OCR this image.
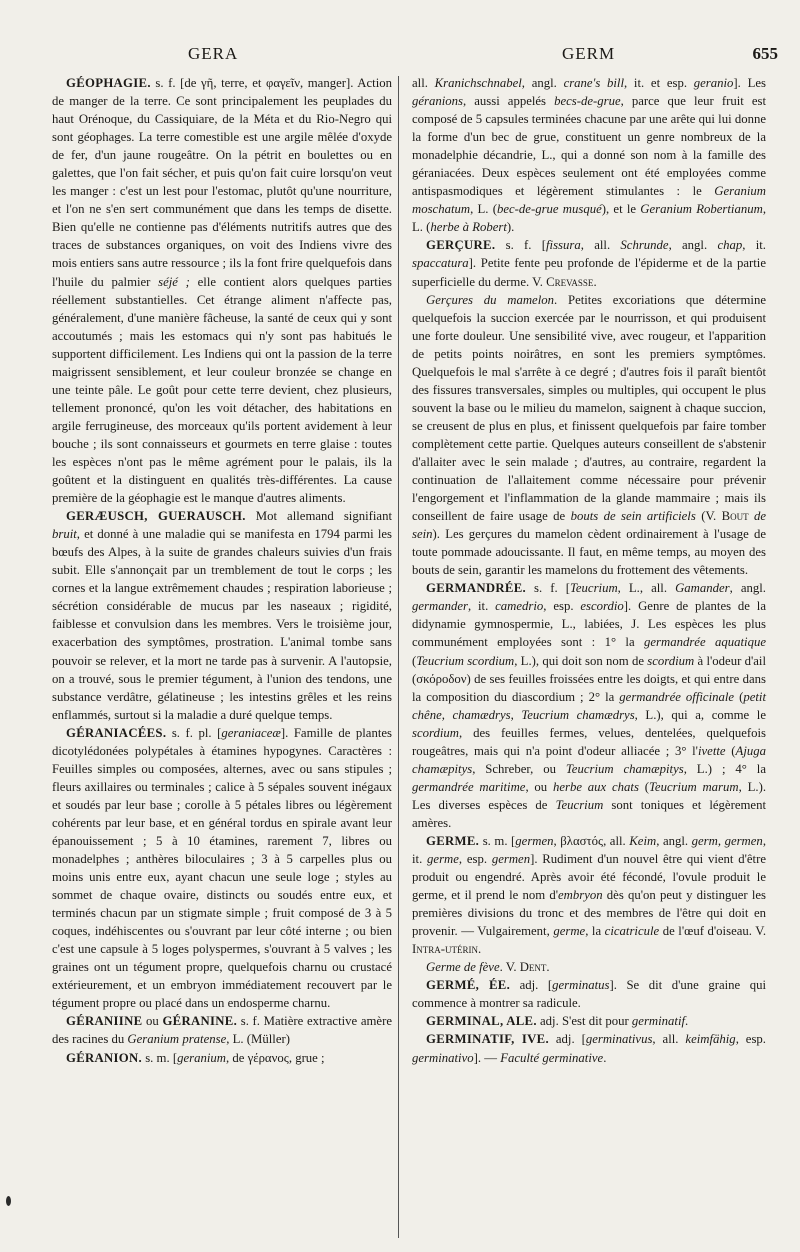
GERA	GERM	655

GÉOPHAGIE. s. f. [de γῆ, terre, et φαγεῖν, manger]. Action de manger de la terre. Ce sont principalement les peuplades du haut Orénoque, du Cassiquiare, de la Méta et du Rio-Negro qui sont géophages. La terre comestible est une argile mêlée d'oxyde de fer, d'un jaune rougeâtre. On la pétrit en boulettes ou en galettes, que l'on fait sécher, et puis qu'on fait cuire lorsqu'on veut les manger : c'est un lest pour l'estomac, plutôt qu'une nourriture, et l'on ne s'en sert communément que dans les temps de disette. Bien qu'elle ne contienne pas d'éléments nutritifs autres que des traces de substances organiques, on voit des Indiens vivre des mois entiers sans autre ressource ; ils la font frire quelquefois dans l'huile du palmier séjé ; elle contient alors quelques parties réellement substantielles. Cet étrange aliment n'affecte pas, généralement, d'une manière fâcheuse, la santé de ceux qui y sont accoutumés ; mais les estomacs qui n'y sont pas habitués le supportent difficilement. Les Indiens qui ont la passion de la terre maigrissent sensiblement, et leur couleur bronzée se change en une teinte pâle. Le goût pour cette terre devient, chez plusieurs, tellement prononcé, qu'on les voit détacher, des habitations en argile ferrugineuse, des morceaux qu'ils portent avidement à leur bouche ; ils sont connaisseurs et gourmets en terre glaise : toutes les espèces n'ont pas le même agrément pour le palais, ils la goûtent et la distinguent en qualités très-différentes. La cause première de la géophagie est le manque d'autres aliments.

GERÆUSCH, GUERAUSCH. Mot allemand signifiant bruit, et donné à une maladie qui se manifesta en 1794 parmi les bœufs des Alpes, à la suite de grandes chaleurs suivies d'un frais subit. Elle s'annonçait par un tremblement de tout le corps ; les cornes et la langue extrêmement chaudes ; respiration laborieuse ; sécrétion considérable de mucus par les naseaux ; rigidité, faiblesse et convulsion dans les membres. Vers le troisième jour, exacerbation des symptômes, prostration. L'animal tombe sans pouvoir se relever, et la mort ne tarde pas à survenir. A l'autopsie, on a trouvé, sous le premier tégument, à l'union des tendons, une substance verdâtre, gélatineuse ; les intestins grêles et les reins enflammés, surtout si la maladie a duré quelque temps.

GÉRANIACÉES. s. f. pl. [geraniaceæ]. Famille de plantes dicotylédonées polypétales à étamines hypogynes. Caractères : Feuilles simples ou composées, alternes, avec ou sans stipules ; fleurs axillaires ou terminales ; calice à 5 sépales souvent inégaux et soudés par leur base ; corolle à 5 pétales libres ou légèrement cohérents par leur base, et en général tordus en spirale avant leur épanouissement ; 5 à 10 étamines, rarement 7, libres ou monadelphes ; anthères biloculaires ; 3 à 5 carpelles plus ou moins unis entre eux, ayant chacun une seule loge ; styles au sommet de chaque ovaire, distincts ou soudés entre eux, et terminés chacun par un stigmate simple ; fruit composé de 3 à 5 coques, indéhiscentes ou s'ouvrant par leur côté interne ; ou bien c'est une capsule à 5 loges polyspermes, s'ouvrant à 5 valves ; les graines ont un tégument propre, quelquefois charnu ou crustacé extérieurement, et un embryon immédiatement recouvert par le tégument propre ou placé dans un endosperme charnu.

GÉRANIINE ou GÉRANINE. s. f. Matière extractive amère des racines du Geranium pratense, L. (Müller)

GÉRANION. s. m. [geranium, de γέρανος, grue ;

all. Kranichschnabel, angl. crane's bill, it. et esp. geranio]. Les géranions, aussi appelés becs-de-grue, parce que leur fruit est composé de 5 capsules terminées chacune par une arête qui lui donne la forme d'un bec de grue, constituent un genre nombreux de la monadelphie décandrie, L., qui a donné son nom à la famille des géraniacées. Deux espèces seulement ont été employées comme antispasmodiques et légèrement stimulantes : le Geranium moschatum, L. (bec-de-grue musqué), et le Geranium Robertianum, L. (herbe à Robert).

GERÇURE. s. f. [fissura, all. Schrunde, angl. chap, it. spaccatura]. Petite fente peu profonde de l'épiderme et de la partie superficielle du derme. V. Crevasse.

Gerçures du mamelon. Petites excoriations que détermine quelquefois la succion exercée par le nourrisson, et qui produisent une forte douleur. Une sensibilité vive, avec rougeur, et l'apparition de petits points noirâtres, en sont les premiers symptômes. Quelquefois le mal s'arrête à ce degré ; d'autres fois il paraît bientôt des fissures transversales, simples ou multiples, qui occupent le plus souvent la base ou le milieu du mamelon, saignent à chaque succion, se creusent de plus en plus, et finissent quelquefois par faire tomber complètement cette partie. Quelques auteurs conseillent de s'abstenir d'allaiter avec le sein malade ; d'autres, au contraire, regardent la continuation de l'allaitement comme nécessaire pour prévenir l'engorgement et l'inflammation de la glande mammaire ; mais ils conseillent de faire usage de bouts de sein artificiels (V. Bout de sein). Les gerçures du mamelon cèdent ordinairement à l'usage de toute pommade adoucissante. Il faut, en même temps, au moyen des bouts de sein, garantir les mamelons du frottement des vêtements.

GERMANDRÉE. s. f. [Teucrium, L., all. Gamander, angl. germander, it. camedrio, esp. escordio]. Genre de plantes de la didynamie gymnospermie, L., labiées, J. Les espèces les plus communément employées sont : 1° la germandrée aquatique (Teucrium scordium, L.), qui doit son nom de scordium à l'odeur d'ail (σκόροδον) de ses feuilles froissées entre les doigts, et qui entre dans la composition du diascordium ; 2° la germandrée officinale (petit chêne, chamædrys, Teucrium chamædrys, L.), qui a, comme le scordium, des feuilles fermes, velues, dentelées, quelquefois rougeâtres, mais qui n'a point d'odeur alliacée ; 3° l'ivette (Ajuga chamæpitys, Schreber, ou Teucrium chamæpitys, L.) ; 4° la germandrée maritime, ou herbe aux chats (Teucrium marum, L.). Les diverses espèces de Teucrium sont toniques et légèrement amères.

GERME. s. m. [germen, βλαστός, all. Keim, angl. germ, germen, it. germe, esp. germen]. Rudiment d'un nouvel être qui vient d'être produit ou engendré. Après avoir été fécondé, l'ovule produit le germe, et il prend le nom d'embryon dès qu'on peut y distinguer les premières divisions du tronc et des membres de l'être qui doit en provenir. — Vulgairement, germe, la cicatricule de l'œuf d'oiseau. V. Intra-utérin.

Germe de fève. V. Dent.

GERMÉ, ÉE. adj. [germinatus]. Se dit d'une graine qui commence à montrer sa radicule.

GERMINAL, ALE. adj. S'est dit pour germinatif.

GERMINATIF, IVE. adj. [germinativus, all. keimfähig, esp. germinativo]. — Faculté germinative.
